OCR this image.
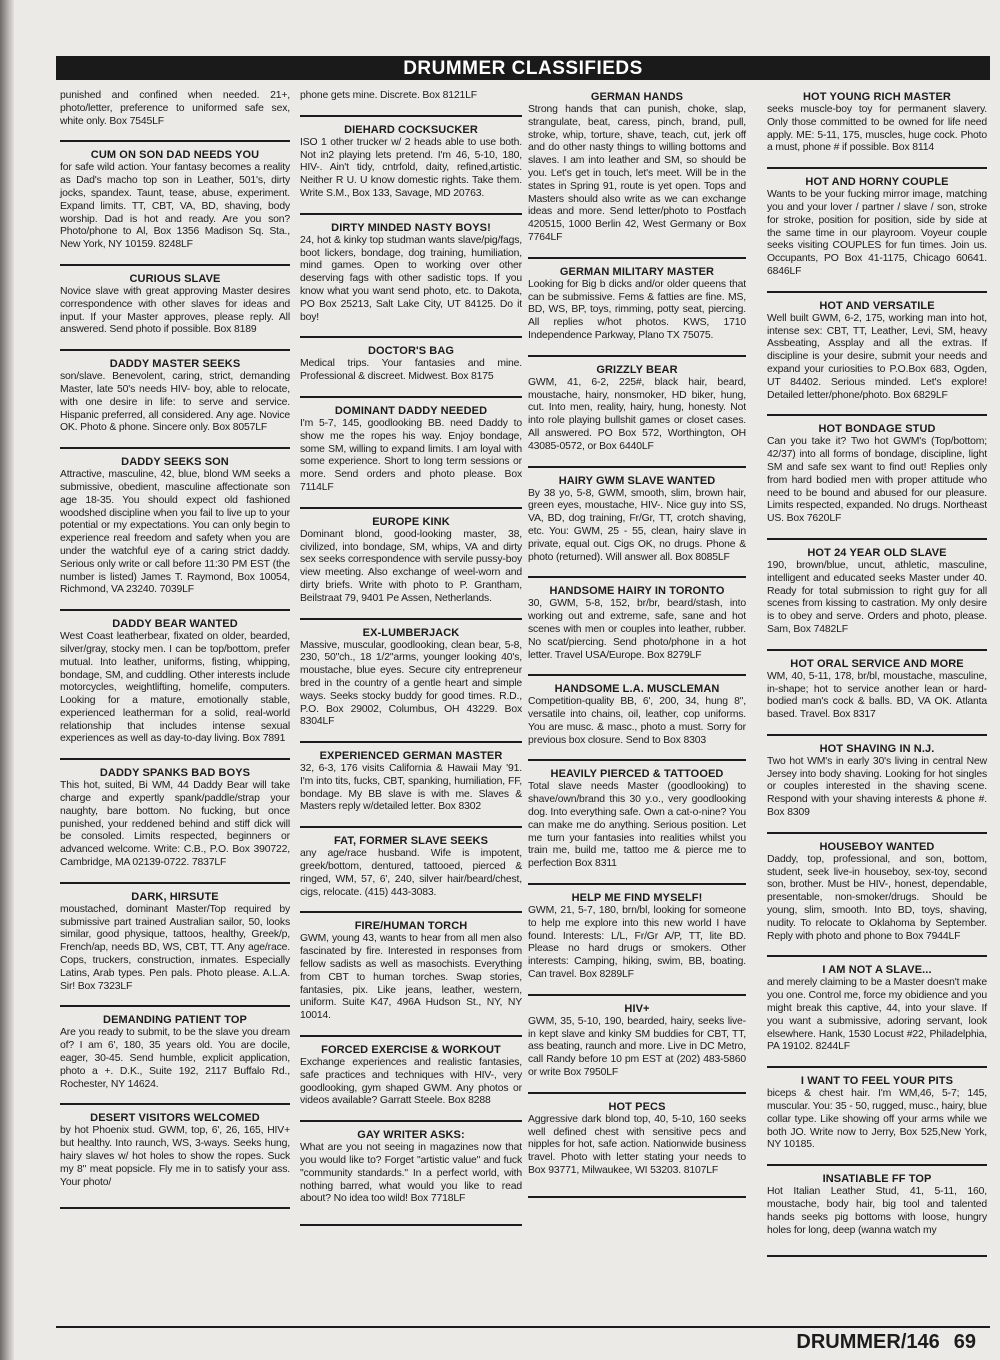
DRUMMER CLASSIFIEDS
punished and confined when needed. 21+, photo/letter, preference to uniformed safe sex, white only. Box 7545LF
CUM ON SON DAD NEEDS YOU
for safe wild action. Your fantasy becomes a reality as Dad's macho top son in Leather, 501's, dirty jocks, spandex. Taunt, tease, abuse, experiment. Expand limits. TT, CBT, VA, BD, shaving, body worship. Dad is hot and ready. Are you son? Photo/phone to Al, Box 1356 Madison Sq. Sta., New York, NY 10159. 8248LF
CURIOUS SLAVE
Novice slave with great approving Master desires correspondence with other slaves for ideas and input. If your Master approves, please reply. All answered. Send photo if possible. Box 8189
DADDY MASTER SEEKS
son/slave. Benevolent, caring, strict, demanding Master, late 50's needs HIV- boy, able to relocate, with one desire in life: to serve and service. Hispanic preferred, all considered. Any age. Novice OK. Photo & phone. Sincere only. Box 8057LF
DADDY SEEKS SON
Attractive, masculine, 42, blue, blond WM seeks a submissive, obedient, masculine affectionate son age 18-35. You should expect old fashioned woodshed discipline when you fail to live up to your potential or my expectations. You can only begin to experience real freedom and safety when you are under the watchful eye of a caring strict daddy. Serious only write or call before 11:30 PM EST (the number is listed) James T. Raymond, Box 10054, Richmond, VA 23240. 7039LF
DADDY BEAR WANTED
West Coast leatherbear, fixated on older, bearded, silver/gray, stocky men. I can be top/bottom, prefer mutual. Into leather, uniforms, fisting, whipping, bondage, SM, and cuddling. Other interests include motorcycles, weightlifting, homelife, computers. Looking for a mature, emotionally stable, experienced leatherman for a solid, real-world relationship that includes intense sexual experiences as well as day-to-day living. Box 7891
DADDY SPANKS BAD BOYS
This hot, suited, Bi WM, 44 Daddy Bear will take charge and expertly spank/paddle/strap your naughty, bare bottom. No fucking, but once punished, your reddened behind and stiff dick will be consoled. Limits respected, beginners or advanced welcome. Write: C.B., P.O. Box 390722, Cambridge, MA 02139-0722. 7837LF
DARK, HIRSUTE
moustached, dominant Master/Top required by submissive part trained Australian sailor, 50, looks similar, good physique, tattoos, healthy, Greek/p, French/ap, needs BD, WS, CBT, TT. Any age/race. Cops, truckers, construction, inmates. Especially Latins, Arab types. Pen pals. Photo please. A.L.A. Sir! Box 7323LF
DEMANDING PATIENT TOP
Are you ready to submit, to be the slave you dream of? I am 6', 180, 35 years old. You are docile, eager, 30-45. Send humble, explicit application, photo a +. D.K., Suite 192, 2117 Buffalo Rd., Rochester, NY 14624.
DESERT VISITORS WELCOMED
by hot Phoenix stud. GWM, top, 6', 26, 165, HIV+ but healthy. Into raunch, WS, 3-ways. Seeks hung, hairy slaves w/ hot holes to show the ropes. Suck my 8" meat popsicle. Fly me in to satisfy your ass. Your photo/
phone gets mine. Discrete. Box 8121LF
DIEHARD COCKSUCKER
ISO 1 other trucker w/ 2 heads able to use both. Not in2 playing lets pretend. I'm 46, 5-10, 180, HIV-. Ain't tidy, cntrfold, daity, refined,artistic. Neither R U. U know domestic rights. Take them. Write S.M., Box 133, Savage, MD 20763.
DIRTY MINDED NASTY BOYS!
24, hot & kinky top studman wants slave/pig/fags, boot lickers, bondage, dog training, humiliation, mind games. Open to working over other deserving fags with other sadistic tops. If you know what you want send photo, etc. to Dakota, PO Box 25213, Salt Lake City, UT 84125. Do it boy!
DOCTOR'S BAG
Medical trips. Your fantasies and mine. Professional & discreet. Midwest. Box 8175
DOMINANT DADDY NEEDED
I'm 5-7, 145, goodlooking BB. need Daddy to show me the ropes his way. Enjoy bondage, some SM, willing to expand limits. I am loyal with some experience. Short to long term sessions or more. Send orders and photo please. Box 7114LF
EUROPE KINK
Dominant blond, good-looking master, 38, civilized, into bondage, SM, whips, VA and dirty sex seeks correspondence with servile pussy-boy view meeting. Also exchange of weel-worn and dirty briefs. Write with photo to P. Grantham, Beilstraat 79, 9401 Pe Assen, Netherlands.
EX-LUMBERJACK
Massive, muscular, goodlooking, clean bear, 5-8, 230, 50"ch., 18 1/2"arms, younger looking 40's, moustache, blue eyes. Secure city entrepreneur bred in the country of a gentle heart and simple ways. Seeks stocky buddy for good times. R.D., P.O. Box 29002, Columbus, OH 43229. Box 8304LF
EXPERIENCED GERMAN MASTER
32, 6-3, 176 visits California & Hawaii May '91. I'm into tits, fucks, CBT, spanking, humiliation, FF, bondage. My BB slave is with me. Slaves & Masters reply w/detailed letter. Box 8302
FAT, FORMER SLAVE SEEKS
any age/race husband. Wife is impotent, greek/bottom, dentured, tattooed, pierced & ringed, WM, 57, 6', 240, silver hair/beard/chest, cigs, relocate. (415) 443-3083.
FIRE/HUMAN TORCH
GWM, young 43, wants to hear from all men also fascinated by fire. Interested in responses from fellow sadists as well as masochists. Everything from CBT to human torches. Swap stories, fantasies, pix. Like jeans, leather, western, uniform. Suite K47, 496A Hudson St., NY, NY 10014.
FORCED EXERCISE & WORKOUT
Exchange experiences and realistic fantasies, safe practices and techniques with HIV-, very goodlooking, gym shaped GWM. Any photos or videos available? Garratt Steele. Box 8288
GAY WRITER ASKS:
What are you not seeing in magazines now that you would like to? Forget "artistic value" and fuck "community standards." In a perfect world, with nothing barred, what would you like to read about? No idea too wild! Box 7718LF
GERMAN HANDS
Strong hands that can punish, choke, slap, strangulate, beat, caress, pinch, brand, pull, stroke, whip, torture, shave, teach, cut, jerk off and do other nasty things to willing bottoms and slaves. I am into leather and SM, so should be you. Let's get in touch, let's meet. Will be in the states in Spring 91, route is yet open. Tops and Masters should also write as we can exchange ideas and more. Send letter/photo to Postfach 420515, 1000 Berlin 42, West Germany or Box 7764LF
GERMAN MILITARY MASTER
Looking for Big b dicks and/or older queens that can be submissive. Fems & fatties are fine. MS, BD, WS, BP, toys, rimming, potty seat, piercing. All replies w/hot photos. KWS, 1710 Independence Parkway, Plano TX 75075.
GRIZZLY BEAR
GWM, 41, 6-2, 225#, black hair, beard, moustache, hairy, nonsmoker, HD biker, hung, cut. Into men, reality, hairy, hung, honesty. Not into role playing bullshit games or closet cases. All answered. PO Box 572, Worthington, OH 43085-0572, or Box 6440LF
HAIRY GWM SLAVE WANTED
By 38 yo, 5-8, GWM, smooth, slim, brown hair, green eyes, moustache, HIV-. Nice guy into SS, VA, BD, dog training, Fr/Gr, TT, crotch shaving, etc. You: GWM, 25 - 55, clean, hairy slave in private, equal out. Cigs OK, no drugs. Phone & photo (returned). Will answer all. Box 8085LF
HANDSOME HAIRY IN TORONTO
30, GWM, 5-8, 152, br/br, beard/stash, into working out and extreme, safe, sane and hot scenes with men or couples into leather, rubber. No scat/piercing. Send photo/phone in a hot letter. Travel USA/Europe. Box 8279LF
HANDSOME L.A. MUSCLEMAN
Competition-quality BB, 6', 200, 34, hung 8", versatile into chains, oil, leather, cop uniforms. You are musc. & masc., photo a must. Sorry for previous box closure. Send to Box 8303
HEAVILY PIERCED & TATTOOED
Total slave needs Master (goodlooking) to shave/own/brand this 30 y.o., very goodlooking dog. Into everything safe. Own a cat-o-nine? You can make me do anything. Serious position. Let me turn your fantasies into realities whilst you train me, build me, tattoo me & pierce me to perfection Box 8311
HELP ME FIND MYSELF!
GWM, 21, 5-7, 180, brn/bl, looking for someone to help me explore into this new world I have found. Interests: L/L, Fr/Gr A/P, TT, lite BD. Please no hard drugs or smokers. Other interests: Camping, hiking, swim, BB, boating. Can travel. Box 8289LF
HIV+
GWM, 35, 5-10, 190, bearded, hairy, seeks live-in kept slave and kinky SM buddies for CBT, TT, ass beating, raunch and more. Live in DC Metro, call Randy before 10 pm EST at (202) 483-5860 or write Box 7950LF
HOT PECS
Aggressive dark blond top, 40, 5-10, 160 seeks well defined chest with sensitive pecs and nipples for hot, safe action. Nationwide business travel. Photo with letter stating your needs to Box 93771, Milwaukee, WI 53203. 8107LF
HOT YOUNG RICH MASTER
seeks muscle-boy toy for permanent slavery. Only those committed to be owned for life need apply. ME: 5-11, 175, muscles, huge cock. Photo a must, phone # if possible. Box 8114
HOT AND HORNY COUPLE
Wants to be your fucking mirror image, matching you and your lover / partner / slave / son, stroke for stroke, position for position, side by side at the same time in our playroom. Voyeur couple seeks visiting COUPLES for fun times. Join us. Occupants, PO Box 41-1175, Chicago 60641. 6846LF
HOT AND VERSATILE
Well built GWM, 6-2, 175, working man into hot, intense sex: CBT, TT, Leather, Levi, SM, heavy Assbeating, Assplay and all the extras. If discipline is your desire, submit your needs and expand your curiosities to P.O.Box 683, Ogden, UT 84402. Serious minded. Let's explore! Detailed letter/phone/photo. Box 6829LF
HOT BONDAGE STUD
Can you take it? Two hot GWM's (Top/bottom; 42/37) into all forms of bondage, discipline, light SM and safe sex want to find out! Replies only from hard bodied men with proper attitude who need to be bound and abused for our pleasure. Limits respected, expanded. No drugs. Northeast US. Box 7620LF
HOT 24 YEAR OLD SLAVE
190, brown/blue, uncut, athletic, masculine, intelligent and educated seeks Master under 40. Ready for total submission to right guy for all scenes from kissing to castration. My only desire is to obey and serve. Orders and photo, please. Sam, Box 7482LF
HOT ORAL SERVICE AND MORE
WM, 40, 5-11, 178, br/bl, moustache, masculine, in-shape; hot to service another lean or hard-bodied man's cock & balls. BD, VA OK. Atlanta based. Travel. Box 8317
HOT SHAVING IN N.J.
Two hot WM's in early 30's living in central New Jersey into body shaving. Looking for hot singles or couples interested in the shaving scene. Respond with your shaving interests & phone #. Box 8309
HOUSEBOY WANTED
Daddy, top, professional, and son, bottom, student, seek live-in houseboy, sex-toy, second son, brother. Must be HIV-, honest, dependable, presentable, non-smoker/drugs. Should be young, slim, smooth. Into BD, toys, shaving, nudity. To relocate to Oklahoma by September. Reply with photo and phone to Box 7944LF
I AM NOT A SLAVE...
and merely claiming to be a Master doesn't make you one. Control me, force my obidience and you might break this captive, 44, into your slave. If you want a submissive, adoring servant, look elsewhere. Hank, 1530 Locust #22, Philadelphia, PA 19102. 8244LF
I WANT TO FEEL YOUR PITS
biceps & chest hair. I'm WM,46, 5-7; 145, muscular. You: 35 - 50, rugged, musc., hairy, blue collar type. Like showing off your arms while we both JO. Write now to Jerry, Box 525,New York, NY 10185.
INSATIABLE FF TOP
Hot Italian Leather Stud, 41, 5-11, 160, moustache, body hair, big tool and talented hands seeks pig bottoms with loose, hungry holes for long, deep (wanna watch my
DRUMMER/146 69
